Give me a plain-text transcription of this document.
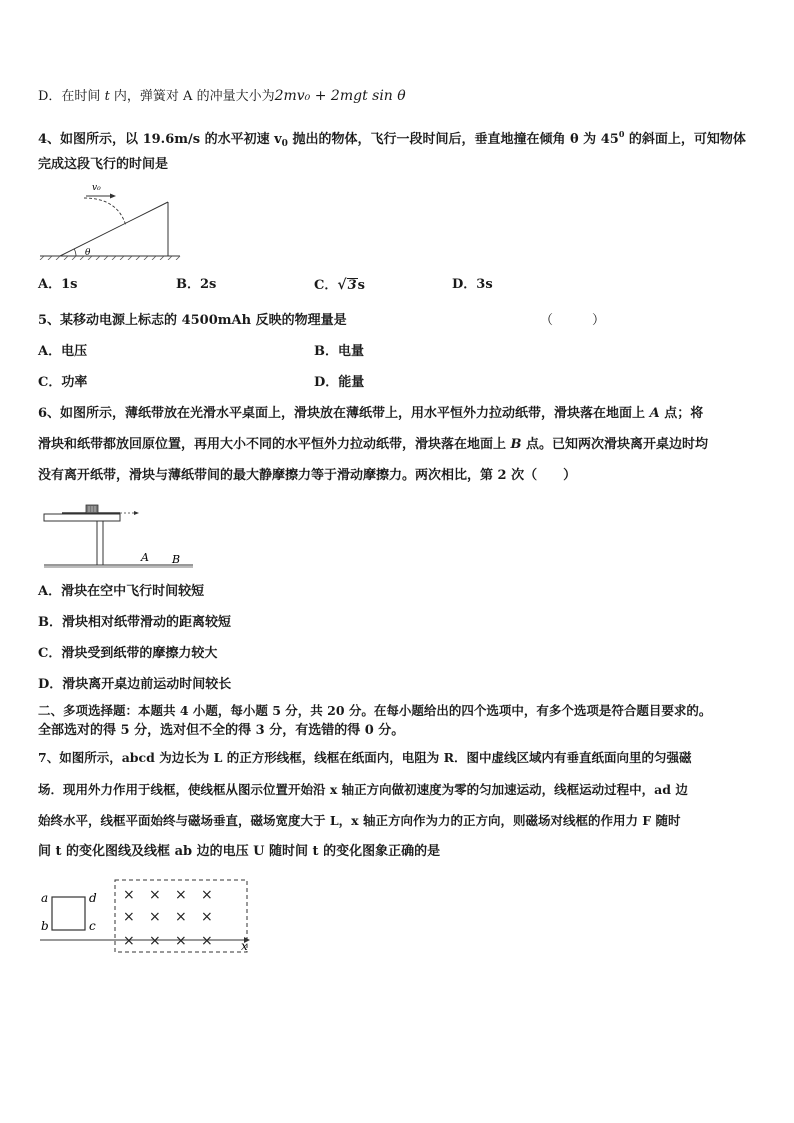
D．在时间 t 内，弹簧对 A 的冲量大小为2mv₀ + 2mgt sin θ
4、如图所示，以 19.6m/s 的水平初速 $v_0$ 抛出的物体，飞行一段时间后，垂直地撞在倾角 θ 为 $45^0$ 的斜面上，可知物体
完成这段飞行的时间是
θ
v₀
A．1s	B．2s	C．√3s	D．3s
5、某移动电源上标志的 4500mAh 反映的物理量是	（　　　）
A．电压	B．电量
C．功率	D．能量
6、如图所示，薄纸带放在光滑水平桌面上，滑块放在薄纸带上，用水平恒外力拉动纸带，滑块落在地面上 A 点；将
滑块和纸带都放回原位置，再用大小不同的水平恒外力拉动纸带，滑块落在地面上 B 点。已知两次滑块离开桌边时均
没有离开纸带，滑块与薄纸带间的最大静摩擦力等于滑动摩擦力。两次相比，第 2 次（　　）
A B
A．滑块在空中飞行时间较短
B．滑块相对纸带滑动的距离较短
C．滑块受到纸带的摩擦力较大
D．滑块离开桌边前运动时间较长
二、多项选择题：本题共 4 小题，每小题 5 分，共 20 分。在每小题给出的四个选项中，有多个选项是符合题目要求的。
全部选对的得 5 分，选对但不全的得 3 分，有选错的得 0 分。
7、如图所示，abcd 为边长为 L 的正方形线框，线框在纸面内，电阻为 R．图中虚线区域内有垂直纸面向里的匀强磁
场．现用外力作用于线框，使线框从图示位置开始沿 x 轴正方向做初速度为零的匀加速运动，线框运动过程中，ad 边
始终水平，线框平面始终与磁场垂直，磁场宽度大于 L，x 轴正方向作为力的正方向，则磁场对线框的作用力 F 随时
间 t 的变化图线及线框 ab 边的电压 U 随时间 t 的变化图象正确的是
x
a
b	c
d × × × ×
× × × ×
× × × ×
